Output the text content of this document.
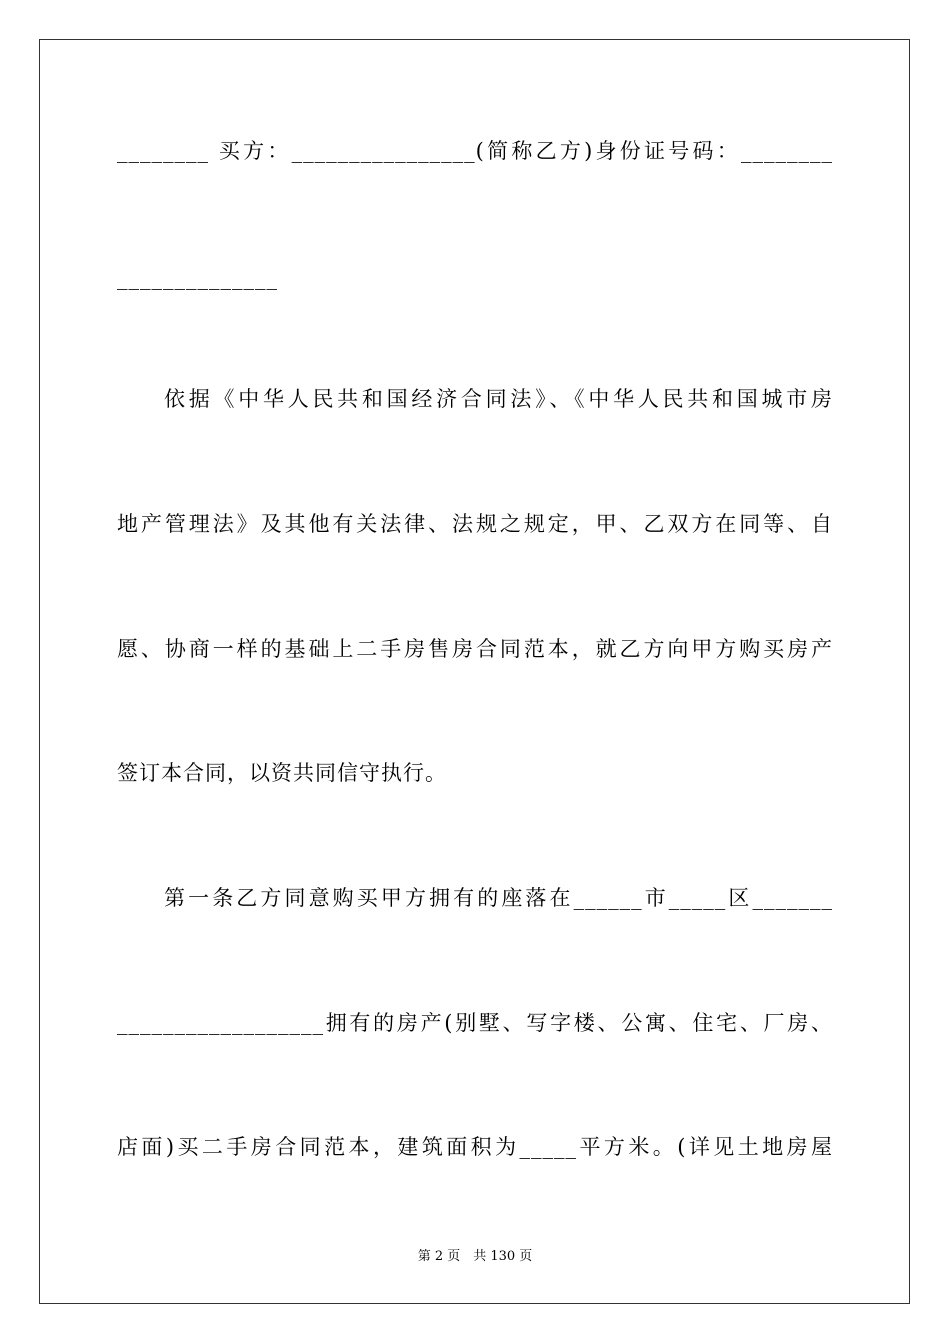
________ 买方：________________(简称乙方)身份证号码：________
______________
依据《中华人民共和国经济合同法》、《中华人民共和国城市房
地产管理法》及其他有关法律、法规之规定，甲、乙双方在同等、自
愿、协商一样的基础上二手房售房合同范本，就乙方向甲方购买房产
签订本合同，以资共同信守执行。
第一条乙方同意购买甲方拥有的座落在______市_____区_______
__________________拥有的房产(别墅、写字楼、公寓、住宅、厂房、
店面)买二手房合同范本，建筑面积为_____平方米。(详见土地房屋
第 2 页　共 130 页
